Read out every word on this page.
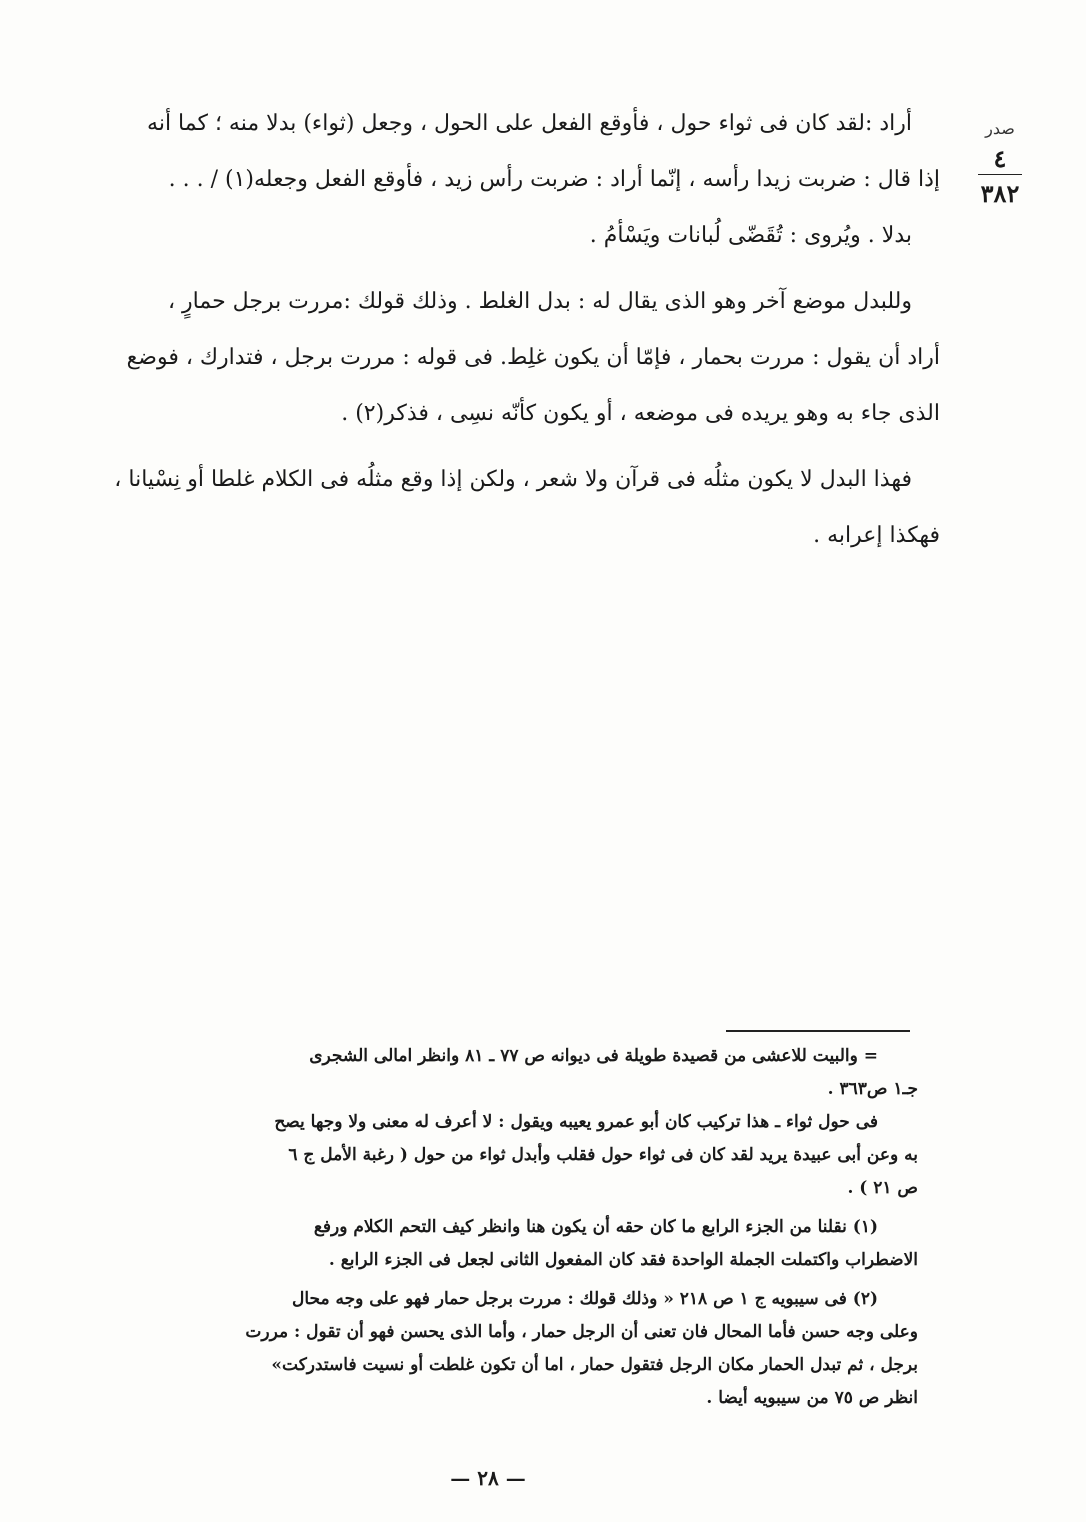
صدر
٤
٣٨٢
أراد :لقد كان فى ثواء حول ، فأوقع الفعل على الحول ، وجعل (ثواء) بدلا منه ؛ كما أنه
إذا قال : ضربت زيدا رأسه ، إنّما أراد : ضربت رأس زيد ، فأوقع الفعل وجعله(١) / . . .
بدلا . ويُروى : تُقَضّى لُبانات ويَسْأمُ .
وللبدل موضع آخر وهو الذى يقال له : بدل الغلط . وذلك قولك :مررت برجل حمارٍ ،
أراد أن يقول : مررت بحمار ، فإمّا أن يكون غلِط. فى قوله : مررت برجل ، فتدارك ، فوضع
الذى جاء به وهو يريده فى موضعه ، أو يكون كأنّه نسِى ، فذكر(٢) .
فهذا البدل لا يكون مثلُه فى قرآن ولا شعر ، ولكن إذا وقع مثلُه فى الكلام غلطا أو نِسْيانا ،
فهكذا إعرابه .
= والبيت للاعشى من قصيدة طويلة فى ديوانه ص ٧٧ ـ ٨١ وانظر امالى الشجرى
جـ١ ص٣٦٣ .
فى حول ثواء ـ هذا تركيب كان أبو عمرو يعيبه ويقول : لا أعرف له معنى ولا وجها يصح
به وعن أبى عبيدة يريد لقد كان فى ثواء حول فقلب وأبدل ثواء من حول ( رغبة الأمل ج ٦
ص ٢١ ) .
(١) نقلنا من الجزء الرابع ما كان حقه أن يكون هنا وانظر كيف التحم الكلام ورفع
الاضطراب واكتملت الجملة الواحدة فقد كان المفعول الثانى لجعل فى الجزء الرابع .
(٢) فى سيبويه ج ١ ص ٢١٨ « وذلك قولك : مررت برجل حمار فهو على وجه محال
وعلى وجه حسن فأما المحال فان تعنى أن الرجل حمار ، وأما الذى يحسن فهو أن تقول : مررت
برجل ، ثم تبدل الحمار مكان الرجل فتقول حمار ، اما أن تكون غلطت أو نسيت فاستدركت»
انظر ص ٧٥ من سيبويه أيضا .
— ٢٨ —
